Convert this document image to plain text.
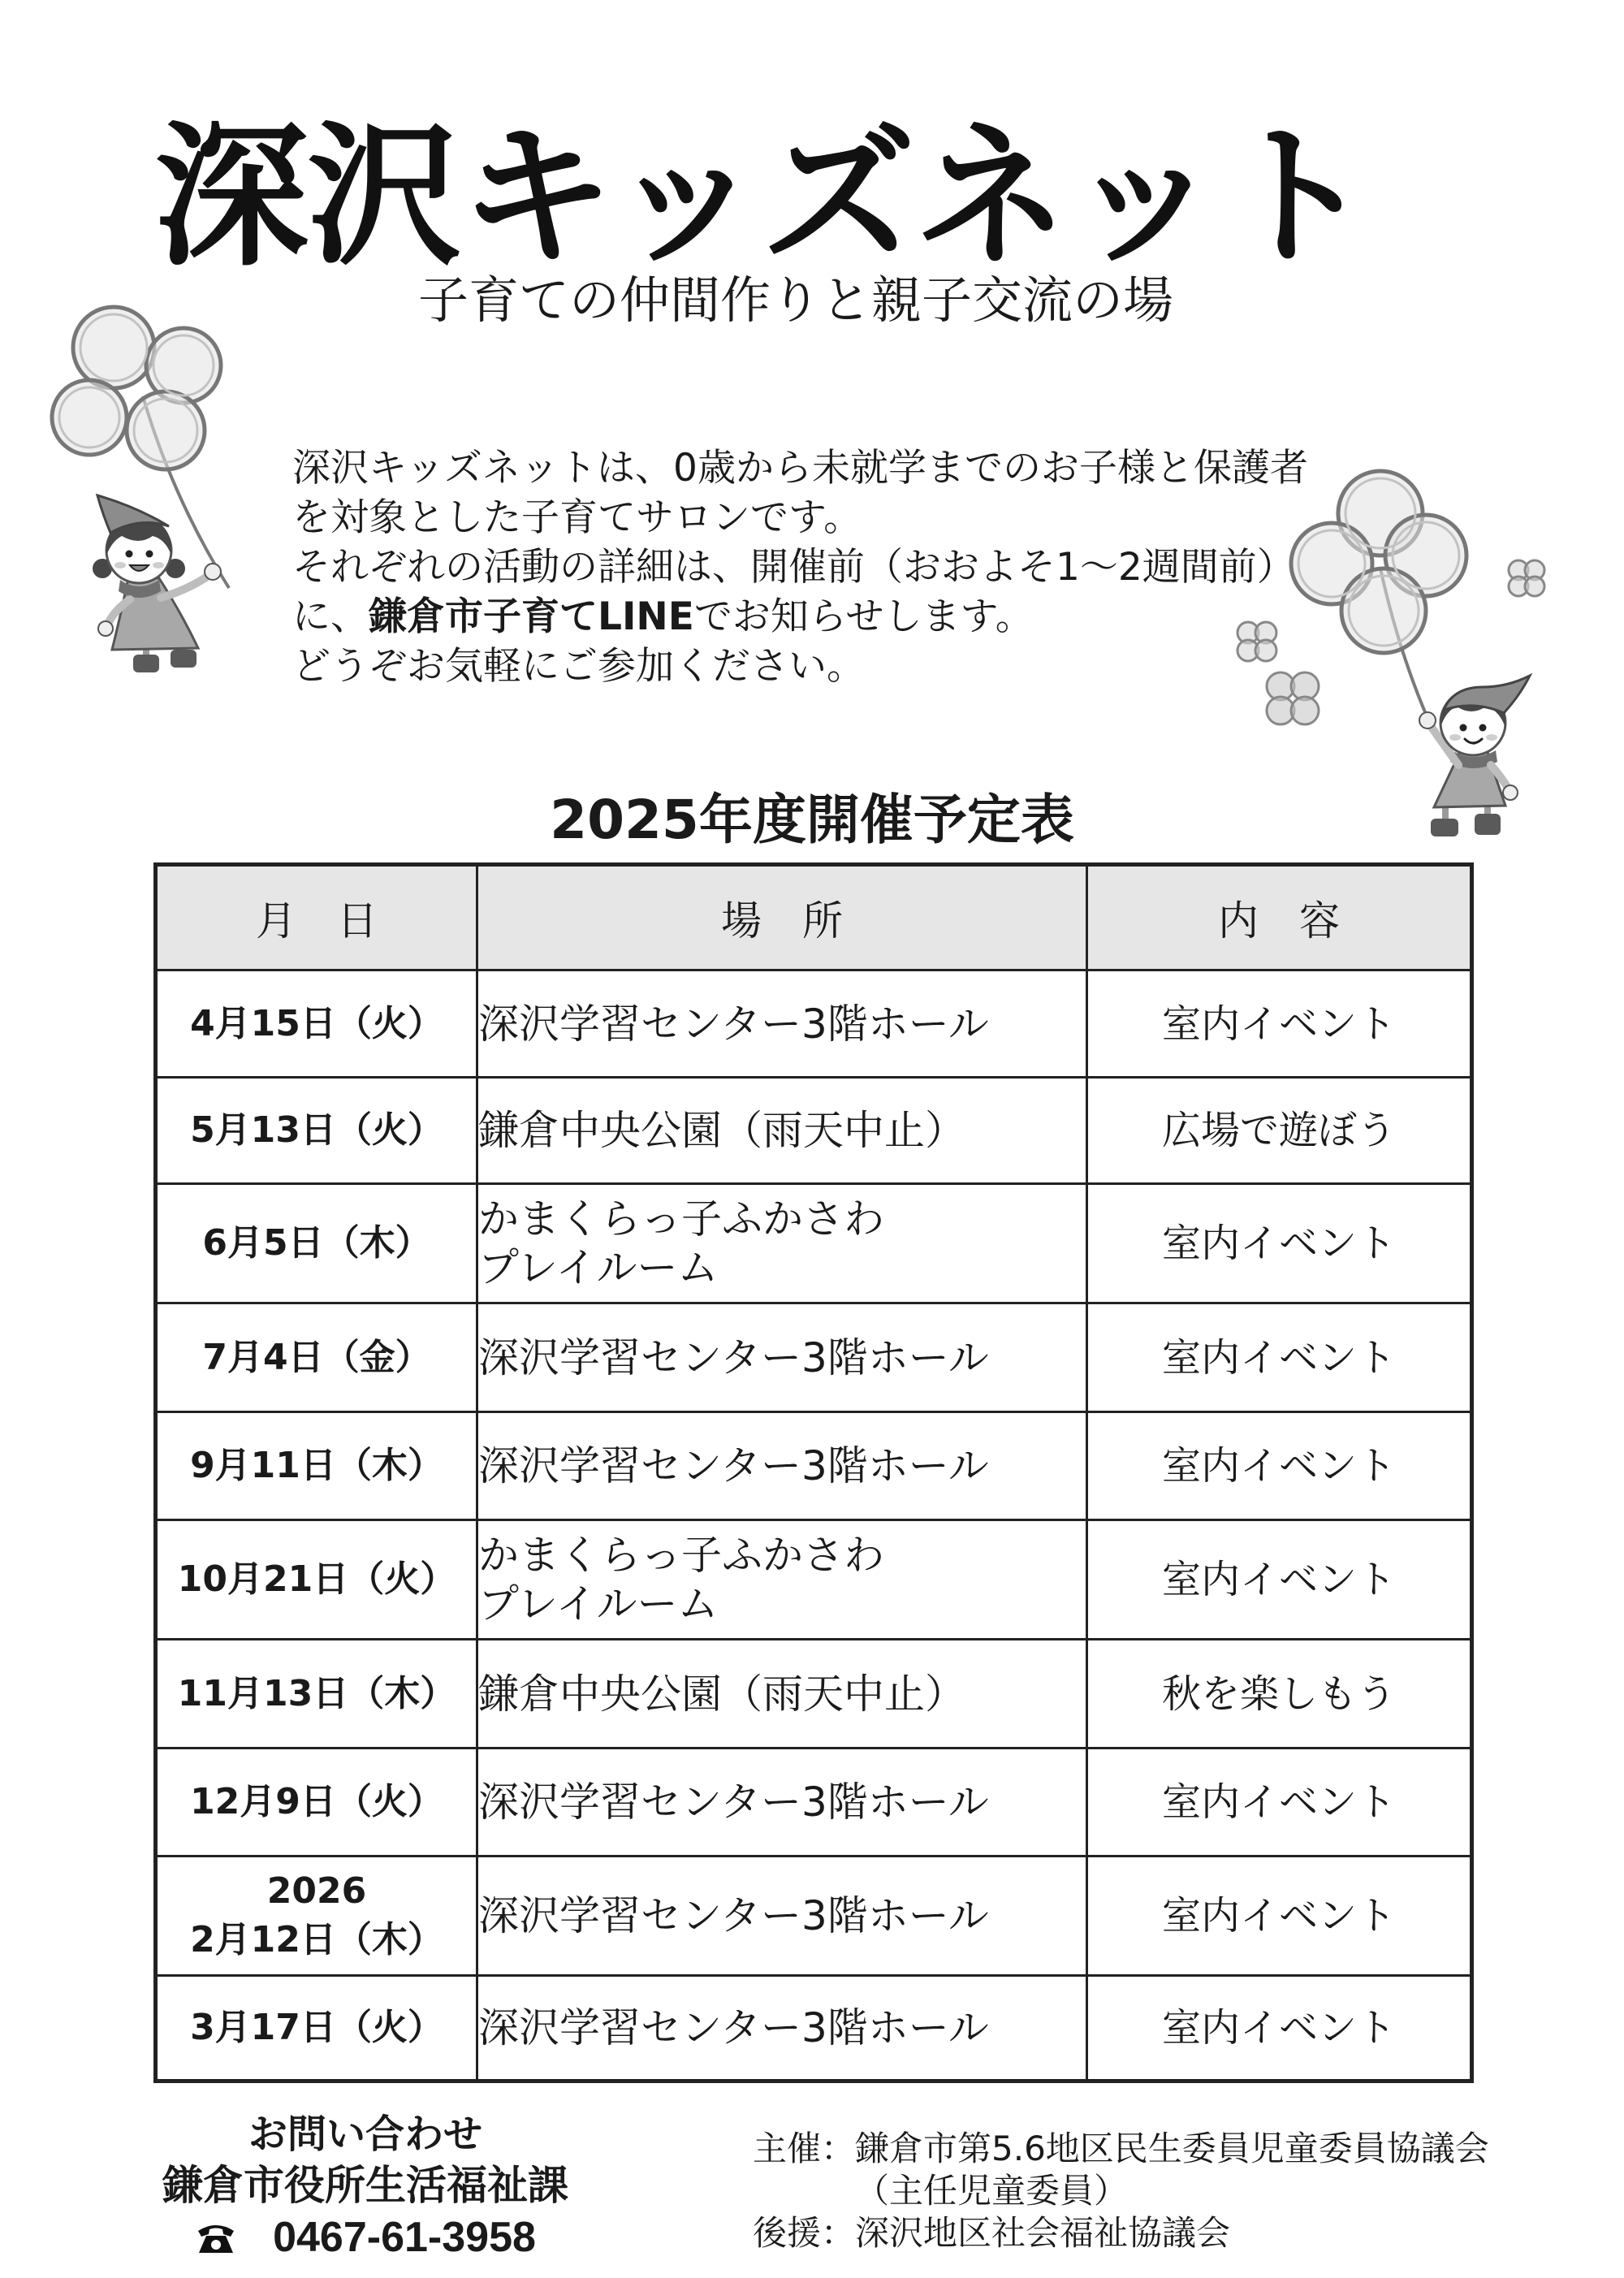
深沢キッズネット
子育ての仲間作りと親子交流の場
深沢キッズネットは、0歳から未就学までのお子様と保護者
を対象とした子育てサロンです。
それぞれの活動の詳細は、開催前（おおよそ1～2週間前）
に、鎌倉市子育てLINEでお知らせします。
どうぞお気軽にご参加ください。
2025年度開催予定表
月　日	場　所	内　容
4月15日（火）	深沢学習センター3階ホール	室内イベント
5月13日（火）	鎌倉中央公園（雨天中止）	広場で遊ぼう
6月5日（木）	かまくらっ子ふかさわ
プレイルーム	室内イベント
7月4日（金）	深沢学習センター3階ホール	室内イベント
9月11日（木）	深沢学習センター3階ホール	室内イベント
10月21日（火）	かまくらっ子ふかさわ
プレイルーム	室内イベント
11月13日（木）	鎌倉中央公園（雨天中止）	秋を楽しもう
12月9日（火）	深沢学習センター3階ホール	室内イベント
2026
2月12日（木）	深沢学習センター3階ホール	室内イベント
3月17日（火）	深沢学習センター3階ホール	室内イベント
お問い合わせ
鎌倉市役所生活福祉課
0467-61-3958
主催： 鎌倉市第5.6地区民生委員児童委員協議会
（主任児童委員）
後援： 深沢地区社会福祉協議会
